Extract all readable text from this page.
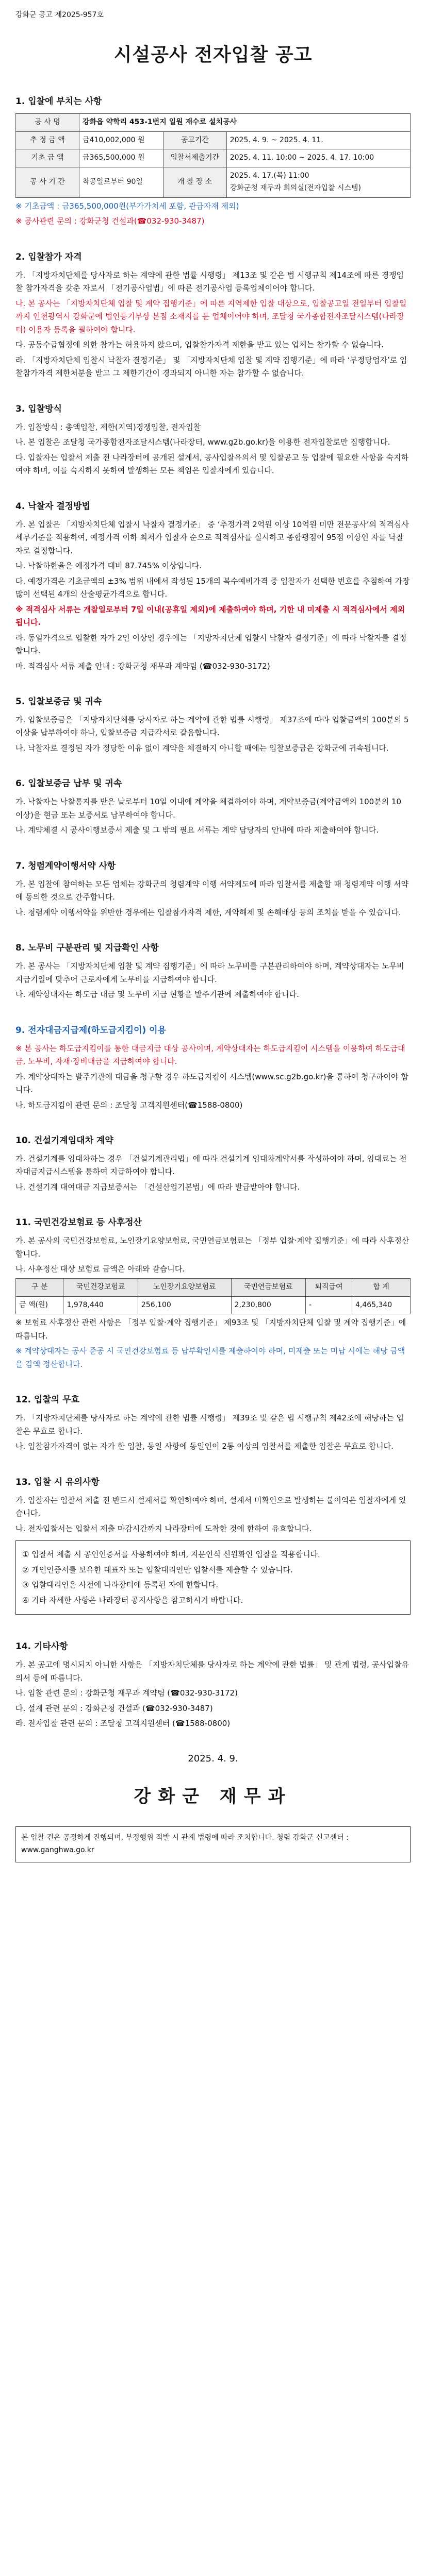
강화군 공고 제2025-957호
시설공사 전자입찰 공고
1. 입찰에 부치는 사항
공 사 명	강화읍 약학리 453-1번지 일원 재수로 설치공사		
추 정 금 액	금410,002,000 원	공고기간	2025. 4. 9. ~ 2025. 4. 11.
기초 금 액	금365,500,000 원	입찰서제출기간	2025. 4. 11. 10:00 ~ 2025. 4. 17. 10:00
공 사 기 간	착공일로부터 90일	개 찰 장 소	2025. 4. 17.(목) 11:00
강화군청 재무과 회의실(전자입찰 시스템)

※ 기초금액 : 금365,500,000원(부가가치세 포함, 관급자재 제외)

※ 공사관련 문의 : 강화군청 건설과(☎032-930-3487)

2. 입찰참가 자격

가. 「지방자치단체를 당사자로 하는 계약에 관한 법률 시행령」 제13조 및 같은 법 시행규칙 제14조에 따른 경쟁입찰 참가자격을 갖춘 자로서 「전기공사업법」에 따른 전기공사업 등록업체이어야 합니다.

나. 본 공사는 「지방자치단체 입찰 및 계약 집행기준」에 따른 지역제한 입찰 대상으로, 입찰공고일 전일부터 입찰일까지 인천광역시 강화군에 법인등기부상 본점 소재지를 둔 업체이어야 하며, 조달청 국가종합전자조달시스템(나라장터) 이용자 등록을 필하여야 합니다.

다. 공동수급협정에 의한 참가는 허용하지 않으며, 입찰참가자격 제한을 받고 있는 업체는 참가할 수 없습니다.

라. 「지방자치단체 입찰시 낙찰자 결정기준」 및 「지방자치단체 입찰 및 계약 집행기준」에 따라 ‘부정당업자’로 입찰참가자격 제한처분을 받고 그 제한기간이 경과되지 아니한 자는 참가할 수 없습니다.

3. 입찰방식

가. 입찰방식 : 총액입찰, 제한(지역)경쟁입찰, 전자입찰

나. 본 입찰은 조달청 국가종합전자조달시스템(나라장터, www.g2b.go.kr)을 이용한 전자입찰로만 집행합니다.

다. 입찰자는 입찰서 제출 전 나라장터에 공개된 설계서, 공사입찰유의서 및 입찰공고 등 입찰에 필요한 사항을 숙지하여야 하며, 이를 숙지하지 못하여 발생하는 모든 책임은 입찰자에게 있습니다.

4. 낙찰자 결정방법

가. 본 입찰은 「지방자치단체 입찰시 낙찰자 결정기준」 중 ‘추정가격 2억원 이상 10억원 미만 전문공사’의 적격심사 세부기준을 적용하여, 예정가격 이하 최저가 입찰자 순으로 적격심사를 실시하고 종합평점이 95점 이상인 자를 낙찰자로 결정합니다.

나. 낙찰하한율은 예정가격 대비 87.745% 이상입니다.

다. 예정가격은 기초금액의 ±3% 범위 내에서 작성된 15개의 복수예비가격 중 입찰자가 선택한 번호를 추첨하여 가장 많이 선택된 4개의 산술평균가격으로 합니다.

※ 적격심사 서류는 개찰일로부터 7일 이내(공휴일 제외)에 제출하여야 하며, 기한 내 미제출 시 적격심사에서 제외됩니다.

라. 동일가격으로 입찰한 자가 2인 이상인 경우에는 「지방자치단체 입찰시 낙찰자 결정기준」에 따라 낙찰자를 결정합니다.

마. 적격심사 서류 제출 안내 : 강화군청 재무과 계약팀 (☎032-930-3172)

5. 입찰보증금 및 귀속

가. 입찰보증금은 「지방자치단체를 당사자로 하는 계약에 관한 법률 시행령」 제37조에 따라 입찰금액의 100분의 5 이상을 납부하여야 하나, 입찰보증금 지급각서로 갈음합니다.

나. 낙찰자로 결정된 자가 정당한 이유 없이 계약을 체결하지 아니할 때에는 입찰보증금은 강화군에 귀속됩니다.

6. 입찰보증금 납부 및 귀속

가. 낙찰자는 낙찰통지를 받은 날로부터 10일 이내에 계약을 체결하여야 하며, 계약보증금(계약금액의 100분의 10 이상)을 현금 또는 보증서로 납부하여야 합니다.

나. 계약체결 시 공사이행보증서 제출 및 그 밖의 필요 서류는 계약 담당자의 안내에 따라 제출하여야 합니다.

7. 청렴계약이행서약 사항

가. 본 입찰에 참여하는 모든 업체는 강화군의 청렴계약 이행 서약제도에 따라 입찰서를 제출할 때 청렴계약 이행 서약에 동의한 것으로 간주합니다.

나. 청렴계약 이행서약을 위반한 경우에는 입찰참가자격 제한, 계약해제 및 손해배상 등의 조치를 받을 수 있습니다.

8. 노무비 구분관리 및 지급확인 사항

가. 본 공사는 「지방자치단체 입찰 및 계약 집행기준」에 따라 노무비를 구분관리하여야 하며, 계약상대자는 노무비 지급기일에 맞추어 근로자에게 노무비를 지급하여야 합니다.

나. 계약상대자는 하도급 대금 및 노무비 지급 현황을 발주기관에 제출하여야 합니다.

9. 전자대금지급제(하도급지킴이) 이용

※ 본 공사는 하도급지킴이를 통한 대금지급 대상 공사이며, 계약상대자는 하도급지킴이 시스템을 이용하여 하도급대금, 노무비, 자재·장비대금을 지급하여야 합니다.

가. 계약상대자는 발주기관에 대금을 청구할 경우 하도급지킴이 시스템(www.sc.g2b.go.kr)을 통하여 청구하여야 합니다.

나. 하도급지킴이 관련 문의 : 조달청 고객지원센터(☎1588-0800)

10. 건설기계임대차 계약

가. 건설기계를 임대차하는 경우 「건설기계관리법」에 따라 건설기계 임대차계약서를 작성하여야 하며, 임대료는 전자대금지급시스템을 통하여 지급하여야 합니다.

나. 건설기계 대여대금 지급보증서는 「건설산업기본법」에 따라 발급받아야 합니다.

11. 국민건강보험료 등 사후정산

가. 본 공사의 국민건강보험료, 노인장기요양보험료, 국민연금보험료는 「정부 입찰·계약 집행기준」에 따라 사후정산 합니다.

나. 사후정산 대상 보험료 금액은 아래와 같습니다.

구 분	국민건강보험료	노인장기요양보험료	국민연금보험료	퇴직급여	합 계
금 액(원)	1,978,440	256,100	2,230,800	-	4,465,340

※ 보험료 사후정산 관련 사항은 「정부 입찰·계약 집행기준」 제93조 및 「지방자치단체 입찰 및 계약 집행기준」에 따릅니다.

※ 계약상대자는 공사 준공 시 국민건강보험료 등 납부확인서를 제출하여야 하며, 미제출 또는 미납 시에는 해당 금액을 감액 정산합니다.

12. 입찰의 무효

가. 「지방자치단체를 당사자로 하는 계약에 관한 법률 시행령」 제39조 및 같은 법 시행규칙 제42조에 해당하는 입찰은 무효로 합니다.

나. 입찰참가자격이 없는 자가 한 입찰, 동일 사항에 동일인이 2통 이상의 입찰서를 제출한 입찰은 무효로 합니다.

13. 입찰 시 유의사항

가. 입찰자는 입찰서 제출 전 반드시 설계서를 확인하여야 하며, 설계서 미확인으로 발생하는 불이익은 입찰자에게 있습니다.

나. 전자입찰서는 입찰서 제출 마감시간까지 나라장터에 도착한 것에 한하여 유효합니다.

① 입찰서 제출 시 공인인증서를 사용하여야 하며, 지문인식 신원확인 입찰을 적용합니다.

② 개인인증서를 보유한 대표자 또는 입찰대리인만 입찰서를 제출할 수 있습니다.

③ 입찰대리인은 사전에 나라장터에 등록된 자에 한합니다.

④ 기타 자세한 사항은 나라장터 공지사항을 참고하시기 바랍니다.

14. 기타사항

가. 본 공고에 명시되지 아니한 사항은 「지방자치단체를 당사자로 하는 계약에 관한 법률」 및 관계 법령, 공사입찰유의서 등에 따릅니다.

나. 입찰 관련 문의 : 강화군청 재무과 계약팀 (☎032-930-3172)

다. 설계 관련 문의 : 강화군청 건설과 (☎032-930-3487)

라. 전자입찰 관련 문의 : 조달청 고객지원센터 (☎1588-0800)

2025. 4. 9.
강화군 재무과
본 입찰 건은 공정하게 진행되며, 부정행위 적발 시 관계 법령에 따라 조치합니다. 청렴 강화군 신고센터 : www.ganghwa.go.kr
